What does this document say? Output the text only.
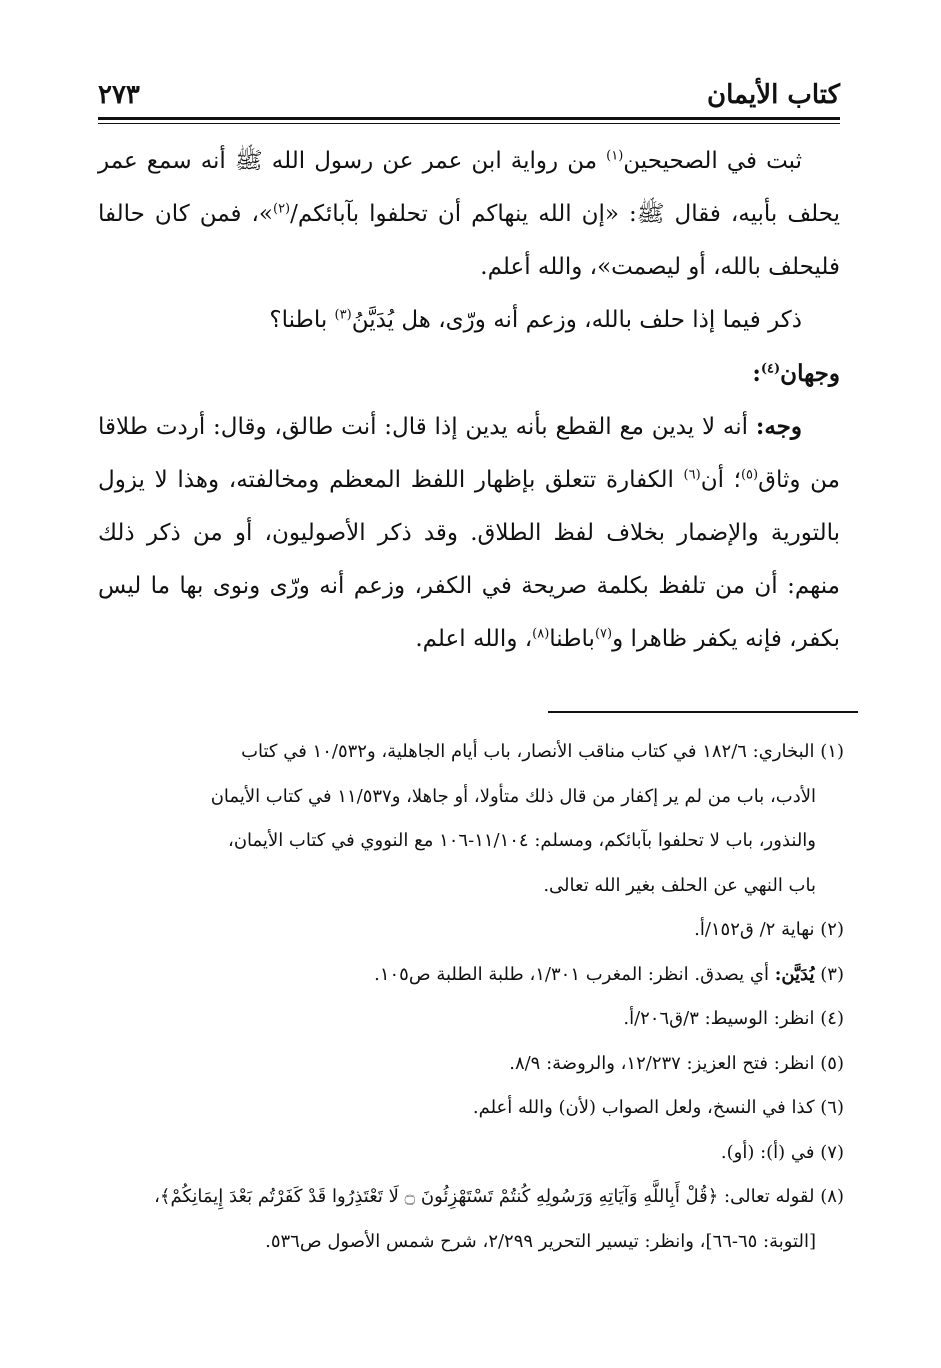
كتاب الأيمان
٢٧٣

ثبت في الصحيحين$^{(١)}$ من رواية ابن عمر عن رسول الله ﷺ أنه سمع عمر يحلف بأبيه، فقال ﷺ: «إن الله ينهاكم أن تحلفوا بآبائكم/$^{(٢)}$»، فمن كان حالفا فليحلف بالله، أو ليصمت»، والله أعلم.

ذكر فيما إذا حلف بالله، وزعم أنه ورّى، هل يُدَيَّنُ$^{(٣)}$ باطنا؟

وجهان$^{(٤)}$:

وجه: أنه لا يدين مع القطع بأنه يدين إذا قال: أنت طالق، وقال: أردت طلاقا من وثاق$^{(٥)}$؛ أن$^{(٦)}$ الكفارة تتعلق بإظهار اللفظ المعظم ومخالفته، وهذا لا يزول بالتورية والإضمار بخلاف لفظ الطلاق. وقد ذكر الأصوليون، أو من ذكر ذلك منهم: أن من تلفظ بكلمة صريحة في الكفر، وزعم أنه ورّى ونوى بها ما ليس بكفر، فإنه يكفر ظاهرا و$^{(٧)}$باطنا$^{(٨)}$، والله اعلم.

(١) البخاري: ١٨٢/٦ في كتاب مناقب الأنصار، باب أيام الجاهلية، و١٠/٥٣٢ في كتاب
الأدب، باب من لم ير إكفار من قال ذلك متأولا، أو جاهلا، و١١/٥٣٧ في كتاب الأيمان
والنذور، باب لا تحلفوا بآبائكم، ومسلم: ١١/١٠٤-١٠٦ مع النووي في كتاب الأيمان،
باب النهي عن الحلف بغير الله تعالى.
(٢) نهاية ٢/ ق١٥٢/أ.
(٣) يُدَيَّن: أي يصدق. انظر: المغرب ١/٣٠١، طلبة الطلبة ص١٠٥.
(٤) انظر: الوسيط: ٣/ق٢٠٦/أ.
(٥) انظر: فتح العزيز: ١٢/٢٣٧، والروضة: ٨/٩.
(٦) كذا في النسخ، ولعل الصواب (لأن) والله أعلم.
(٧) في (أ): (أو).
(٨) لقوله تعالى: ﴿قُلْ أَبِاللَّهِ وَآيَاتِهِ وَرَسُولِهِ كُنتُمْ تَسْتَهْزِئُونَ ۝ لَا تَعْتَذِرُوا قَدْ كَفَرْتُم بَعْدَ إِيمَانِكُمْ﴾،
[التوبة: ٦٥-٦٦]، وانظر: تيسير التحرير ٢/٢٩٩، شرح شمس الأصول ص٥٣٦.
